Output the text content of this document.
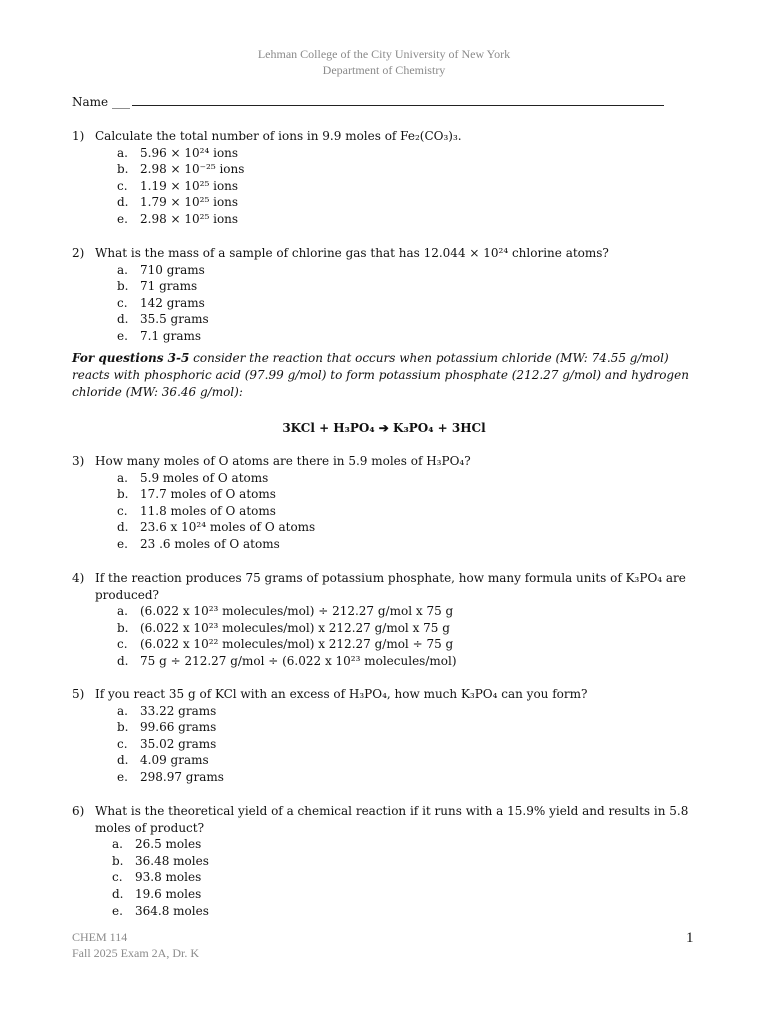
Lehman College of the City University of New York
Department of Chemistry
Name ___
1) Calculate the total number of ions in 9.9 moles of Fe₂(CO₃)₃.
a.	5.96 × 10²⁴ ions
b. 2.98 × 10⁻²⁵ ions
c.	1.19 × 10²⁵ ions
d. 1.79 × 10²⁵ ions
e.	2.98 × 10²⁵ ions
2) What is the mass of a sample of chlorine gas that has 12.044 × 10²⁴ chlorine atoms?
a.	710 grams
b. 71 grams
c.	142 grams
d. 35.5 grams
e.	7.1 grams
For questions 3-5 consider the reaction that occurs when potassium chloride (MW: 74.55 g/mol) reacts with phosphoric acid (97.99 g/mol) to form potassium phosphate (212.27 g/mol) and hydrogen chloride (MW: 36.46 g/mol):
3KCl + H₃PO₄ ➔ K₃PO₄ + 3HCl
3) How many moles of O atoms are there in 5.9 moles of H₃PO₄?
a.	5.9 moles of O atoms
b. 17.7 moles of O atoms
c.	11.8 moles of O atoms
d. 23.6 x 10²⁴ moles of O atoms
e.	23 .6 moles of O atoms
4) If the reaction produces 75 grams of potassium phosphate, how many formula units of K₃PO₄ are produced?
a.	(6.022 x 10²³ molecules/mol) ÷ 212.27 g/mol x 75 g
b. (6.022 x 10²³ molecules/mol) x 212.27 g/mol x 75 g
c.	(6.022 x 10²² molecules/mol) x 212.27 g/mol ÷ 75 g
d. 75 g ÷ 212.27 g/mol ÷ (6.022 x 10²³ molecules/mol)
5) If you react 35 g of KCl with an excess of H₃PO₄, how much K₃PO₄ can you form?
a.	33.22 grams
b. 99.66 grams
c.	35.02 grams
d. 4.09 grams
e.	298.97 grams
6) What is the theoretical yield of a chemical reaction if it runs with a 15.9% yield and results in 5.8 moles of product?
a.	26.5 moles
b. 36.48 moles
c.	93.8 moles
d. 19.6 moles
e.	364.8 moles
CHEM 114
Fall 2025 Exam 2A, Dr. K
1
